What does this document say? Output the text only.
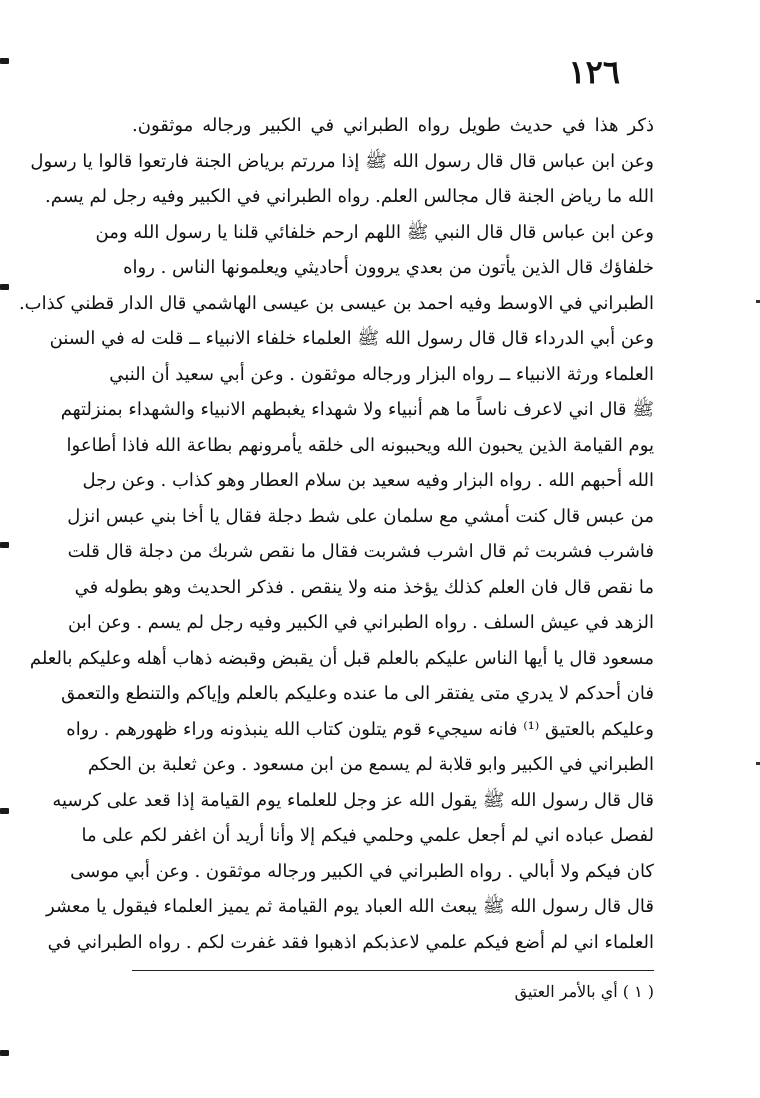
١٢٦
ذكر هذا في حديث طويل رواه الطبراني في الكبير ورجاله موثقون.
وعن ابن عباس قال قال رسول الله ﷺ إذا مررتم برياض الجنة فارتعوا قالوا يا رسول
الله ما رياض الجنة قال مجالس العلم. رواه الطبراني في الكبير وفيه رجل لم يسم.
وعن ابن عباس قال قال النبي ﷺ اللهم ارحم خلفائي قلنا يا رسول الله ومن
خلفاؤك قال الذين يأتون من بعدي يروون أحاديثي ويعلمونها الناس . رواه
الطبراني في الاوسط وفيه احمد بن عيسى بن عيسى الهاشمي قال الدار قطني كذاب.
وعن أبي الدرداء قال قال رسول الله ﷺ العلماء خلفاء الانبياء ــ قلت له في السنن
العلماء ورثة الانبياء ــ رواه البزار ورجاله موثقون . وعن أبي سعيد أن النبي
ﷺ قال اني لاعرف ناساً ما هم أنبياء ولا شهداء يغبطهم الانبياء والشهداء بمنزلتهم
يوم القيامة الذين يحبون الله ويحببونه الى خلقه يأمرونهم بطاعة الله فاذا أطاعوا
الله أحبهم الله . رواه البزار وفيه سعيد بن سلام العطار وهو كذاب . وعن رجل
من عبس قال كنت أمشي مع سلمان على شط دجلة فقال يا أخا بني عبس انزل
فاشرب فشربت ثم قال اشرب فشربت فقال ما نقص شربك من دجلة قال قلت
ما نقص قال فان العلم كذلك يؤخذ منه ولا ينقص . فذكر الحديث وهو بطوله في
الزهد في عيش السلف . رواه الطبراني في الكبير وفيه رجل لم يسم . وعن ابن
مسعود قال يا أيها الناس عليكم بالعلم قبل أن يقبض وقبضه ذهاب أهله وعليكم بالعلم
فان أحدكم لا يدري متى يفتقر الى ما عنده وعليكم بالعلم وإياكم والتنطع والتعمق
وعليكم بالعتيق ⁽¹⁾ فانه سيجيء قوم يتلون كتاب الله ينبذونه وراء ظهورهم . رواه
الطبراني في الكبير وابو قلابة لم يسمع من ابن مسعود . وعن ثعلبة بن الحكم
قال قال رسول الله ﷺ يقول الله عز وجل للعلماء يوم القيامة إذا قعد على كرسيه
لفصل عباده اني لم أجعل علمي وحلمي فيكم إلا وأنا أريد أن اغفر لكم على ما
كان فيكم ولا أبالي . رواه الطبراني في الكبير ورجاله موثقون . وعن أبي موسى
قال قال رسول الله ﷺ يبعث الله العباد يوم القيامة ثم يميز العلماء فيقول يا معشر
العلماء اني لم أضع فيكم علمي لاعذبكم اذهبوا فقد غفرت لكم . رواه الطبراني في
( ١ ) أي بالأمر العتيق
